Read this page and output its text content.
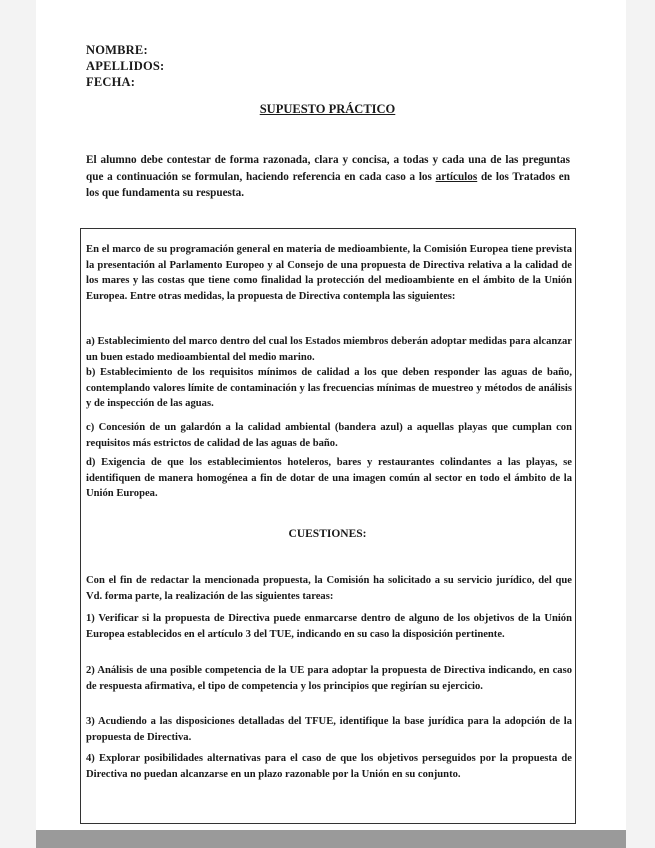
NOMBRE:
APELLIDOS:
FECHA:
SUPUESTO PRÁCTICO
El alumno debe contestar de forma razonada, clara y concisa, a todas y cada una de las preguntas que a continuación se formulan, haciendo referencia en cada caso a los artículos de los Tratados en los que fundamenta su respuesta.

En el marco de su programación general en materia de medioambiente, la Comisión Europea tiene prevista la presentación al Parlamento Europeo y al Consejo de una propuesta de Directiva relativa a la calidad de los mares y las costas que tiene como finalidad la protección del medioambiente en el ámbito de la Unión Europea. Entre otras medidas, la propuesta de Directiva contempla las siguientes:

a) Establecimiento del marco dentro del cual los Estados miembros deberán adoptar medidas para alcanzar un buen estado medioambiental del medio marino.

b) Establecimiento de los requisitos mínimos de calidad a los que deben responder las aguas de baño, contemplando valores límite de contaminación y las frecuencias mínimas de muestreo y métodos de análisis y de inspección de las aguas.

c) Concesión de un galardón a la calidad ambiental (bandera azul) a aquellas playas que cumplan con requisitos más estrictos de calidad de las aguas de baño.

d) Exigencia de que los establecimientos hoteleros, bares y restaurantes colindantes a las playas, se identifiquen de manera homogénea a fin de dotar de una imagen común al sector en todo el ámbito de la Unión Europea.

CUESTIONES:

Con el fin de redactar la mencionada propuesta, la Comisión ha solicitado a su servicio jurídico, del que Vd. forma parte, la realización de las siguientes tareas:

1) Verificar si la propuesta de Directiva puede enmarcarse dentro de alguno de los objetivos de la Unión Europea establecidos en el artículo 3 del TUE, indicando en su caso la disposición pertinente.

2) Análisis de una posible competencia de la UE para adoptar la propuesta de Directiva indicando, en caso de respuesta afirmativa, el tipo de competencia y los principios que regirían su ejercicio.

3) Acudiendo a las disposiciones detalladas del TFUE, identifique la base jurídica para la adopción de la propuesta de Directiva.

4) Explorar posibilidades alternativas para el caso de que los objetivos perseguidos por la propuesta de Directiva no puedan alcanzarse en un plazo razonable por la Unión en su conjunto.
